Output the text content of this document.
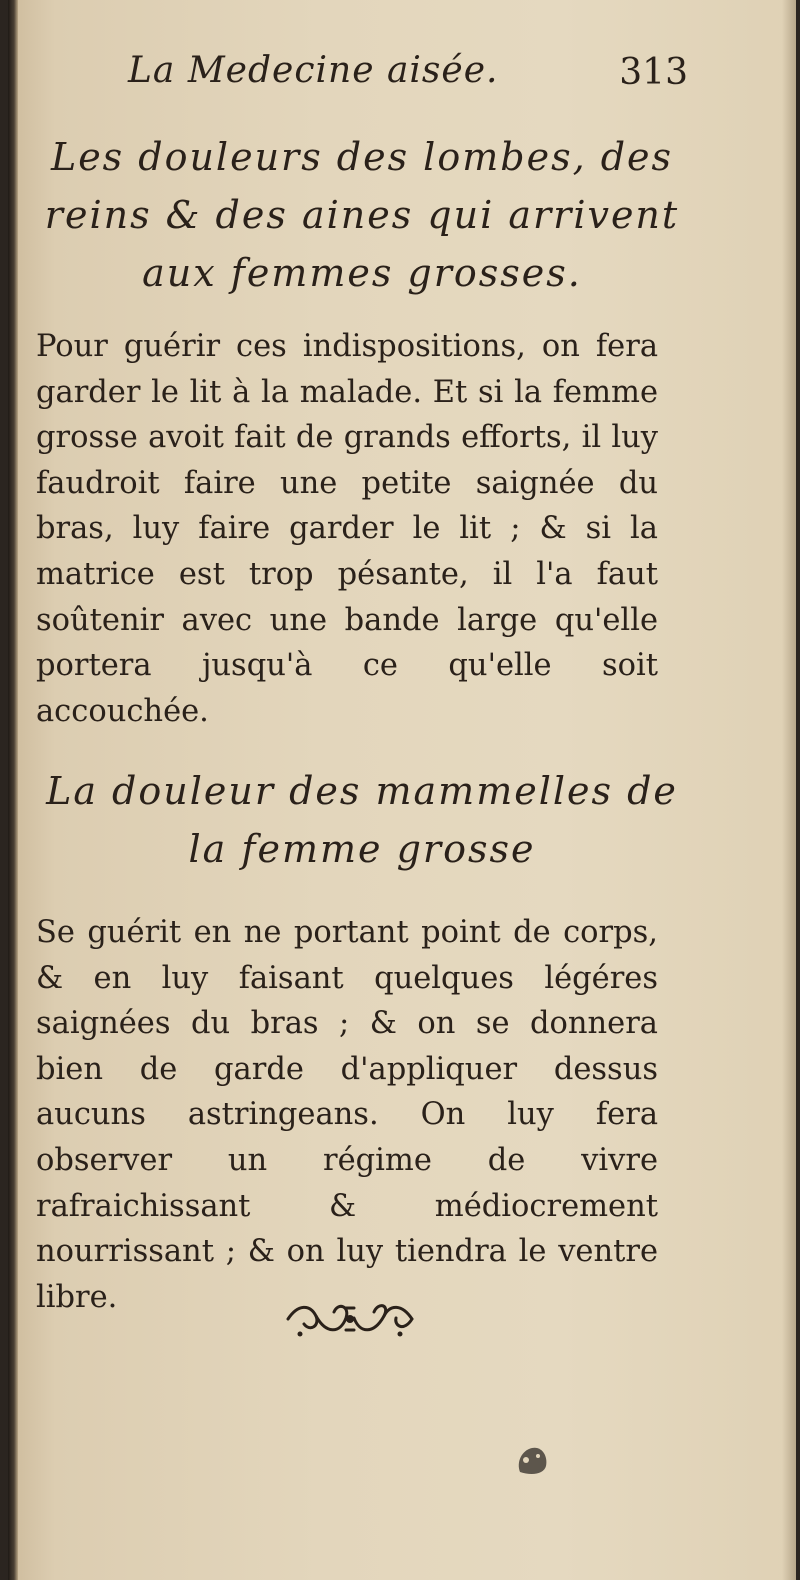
La Medecine aisée.	313
Les douleurs des lombes, des reins & des aines qui arrivent aux femmes grosses.
Pour guérir ces indispositions, on fera garder le lit à la malade. Et si la femme grosse avoit fait de grands efforts, il luy faudroit faire une petite saignée du bras, luy faire garder le lit ; & si la matrice est trop pésante, il l'a faut soûtenir avec une bande large qu'elle portera jusqu'à ce qu'elle soit accouchée.
La douleur des mammelles de la femme grosse
Se guérit en ne portant point de corps, & en luy faisant quelques légéres saignées du bras ; & on se donnera bien de garde d'appliquer dessus aucuns astringeans. On luy fera observer un régime de vivre rafraichissant & médiocrement nourrissant ; & on luy tiendra le ventre libre.
